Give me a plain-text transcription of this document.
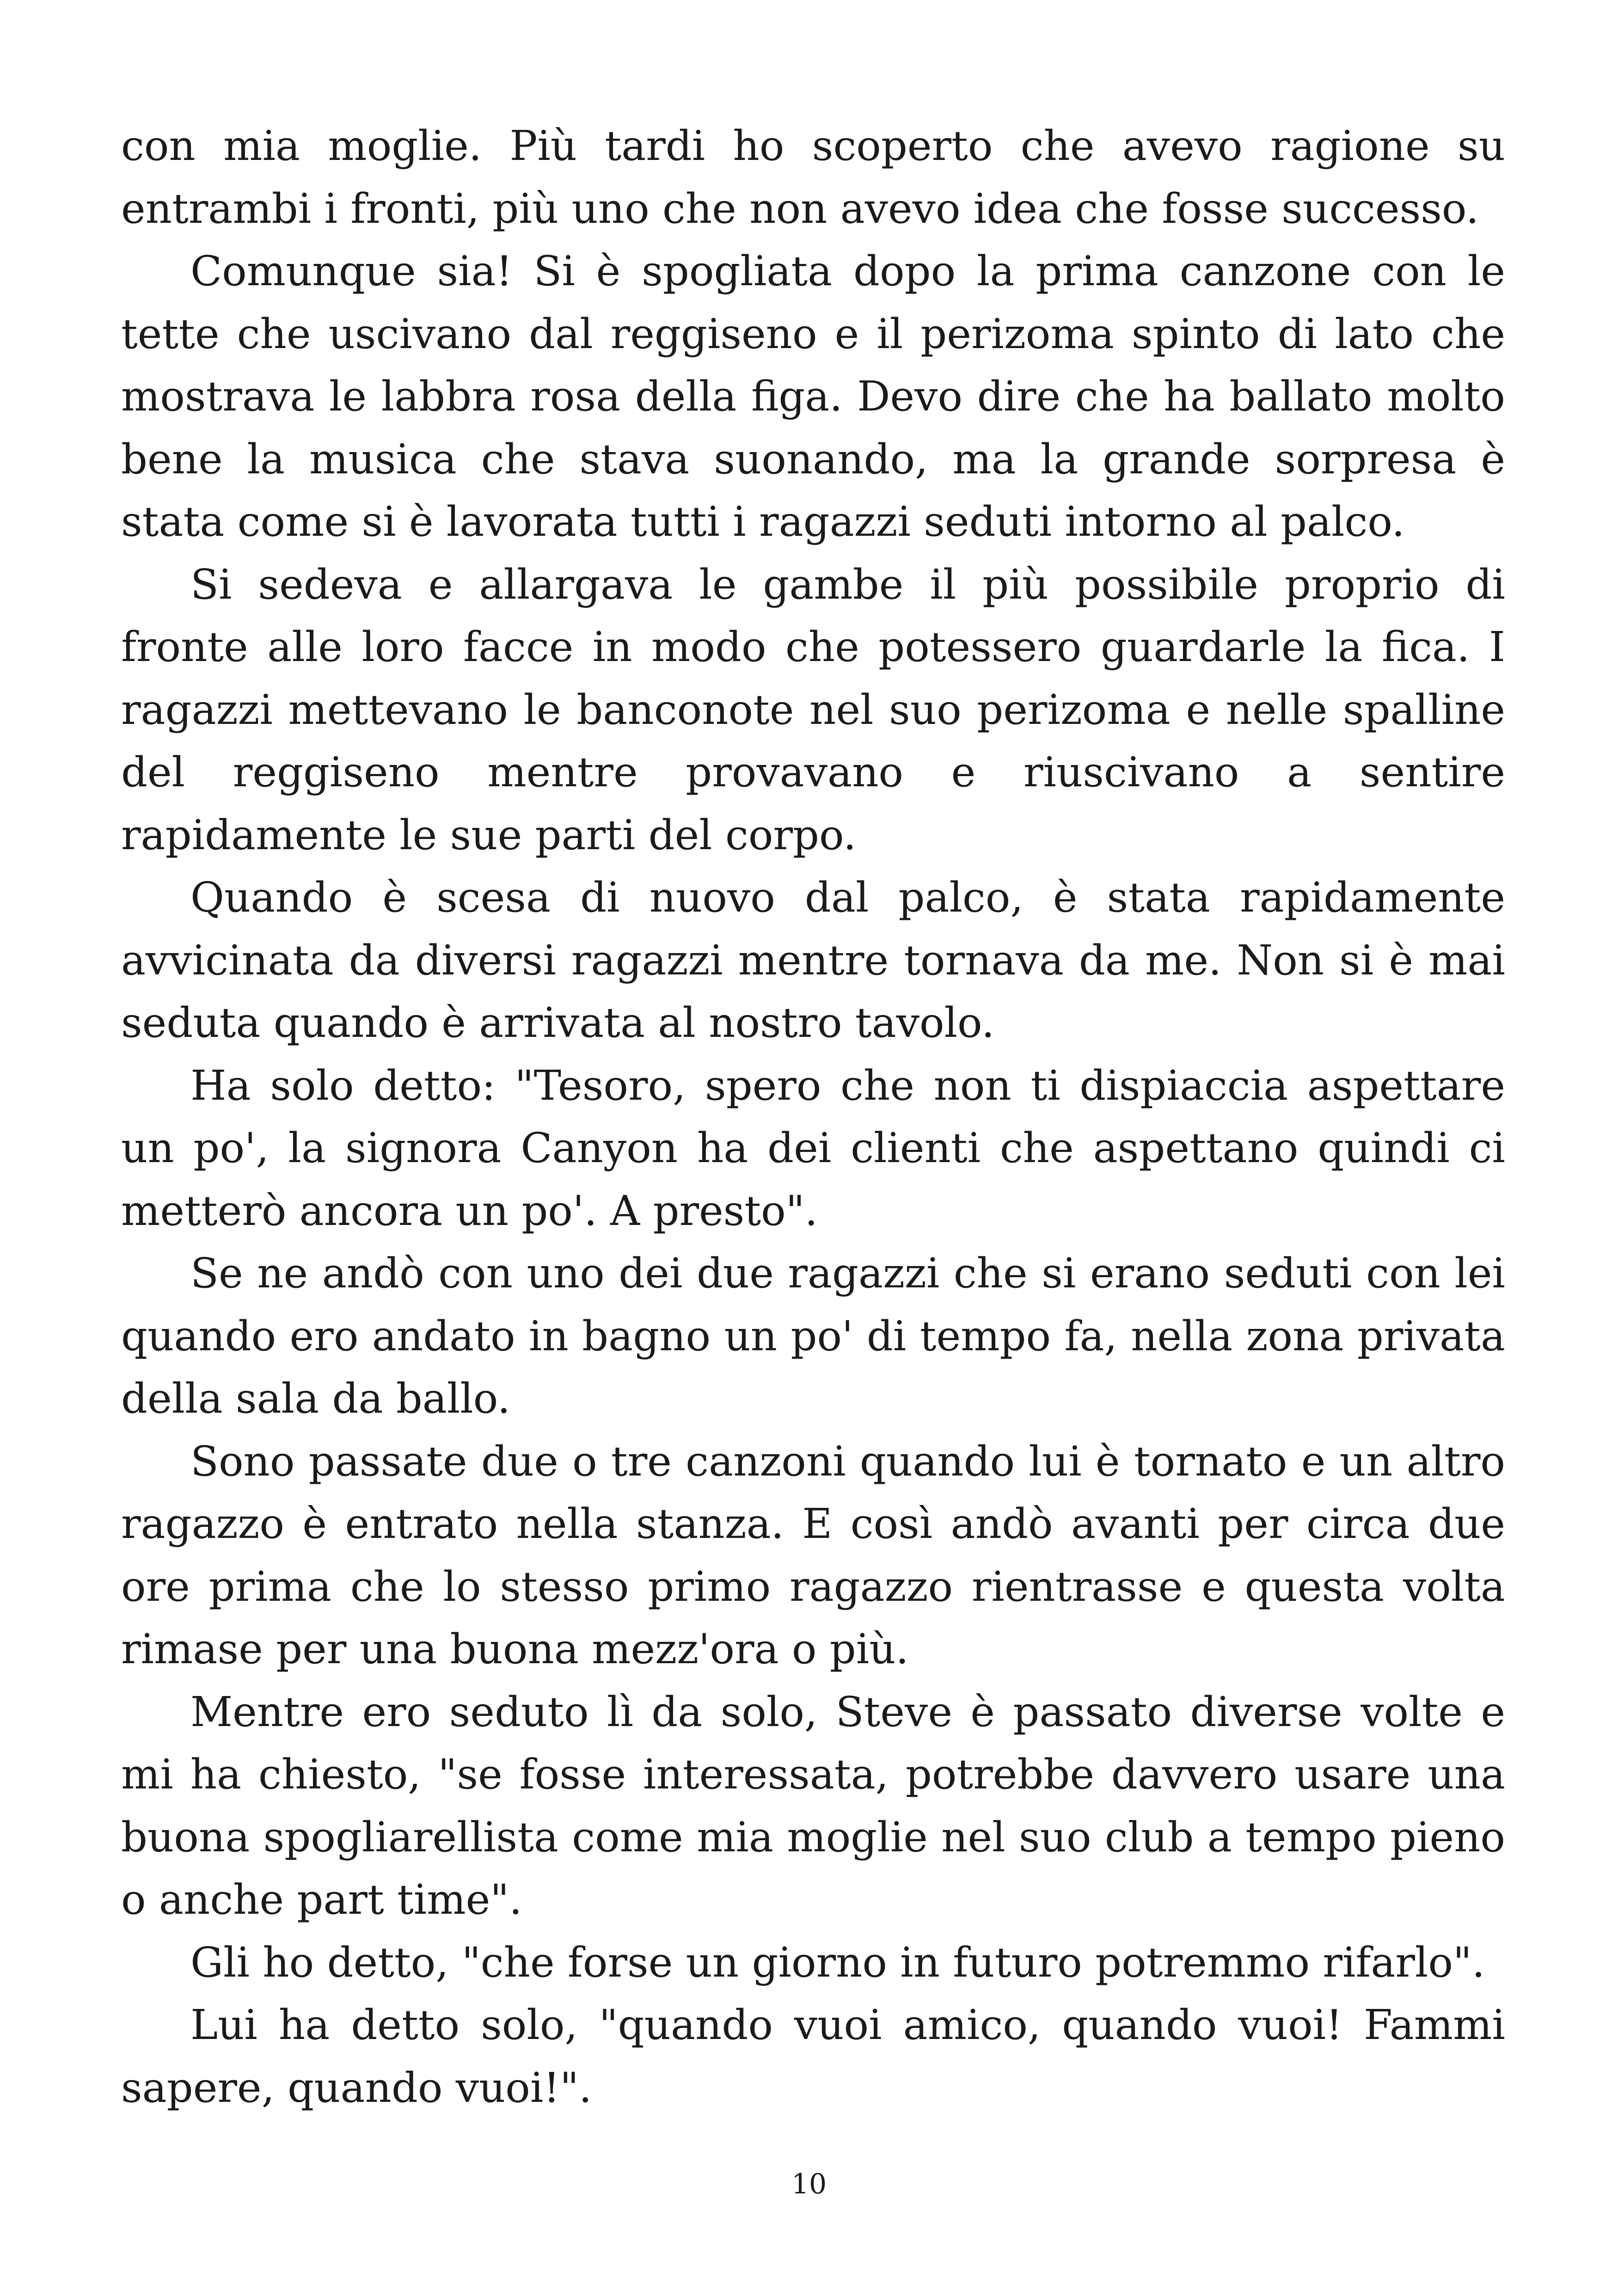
con mia moglie. Più tardi ho scoperto che avevo ragione su entrambi i fronti, più uno che non avevo idea che fosse successo.

Comunque sia! Si è spogliata dopo la prima canzone con le tette che uscivano dal reggiseno e il perizoma spinto di lato che mostrava le labbra rosa della figa. Devo dire che ha ballato molto bene la musica che stava suonando, ma la grande sorpresa è stata come si è lavorata tutti i ragazzi seduti intorno al palco.

Si sedeva e allargava le gambe il più possibile proprio di fronte alle loro facce in modo che potessero guardarle la fica. I ragazzi mettevano le banconote nel suo perizoma e nelle spalline del reggiseno mentre provavano e riuscivano a sentire rapidamente le sue parti del corpo.

Quando è scesa di nuovo dal palco, è stata rapidamente avvicinata da diversi ragazzi mentre tornava da me. Non si è mai seduta quando è arrivata al nostro tavolo.

Ha solo detto: "Tesoro, spero che non ti dispiaccia aspettare un po', la signora Canyon ha dei clienti che aspettano quindi ci metterò ancora un po'. A presto".

Se ne andò con uno dei due ragazzi che si erano seduti con lei quando ero andato in bagno un po' di tempo fa, nella zona privata della sala da ballo.

Sono passate due o tre canzoni quando lui è tornato e un altro ragazzo è entrato nella stanza. E così andò avanti per circa due ore prima che lo stesso primo ragazzo rientrasse e questa volta rimase per una buona mezz'ora o più.

Mentre ero seduto lì da solo, Steve è passato diverse volte e mi ha chiesto, "se fosse interessata, potrebbe davvero usare una buona spogliarellista come mia moglie nel suo club a tempo pieno o anche part time".

Gli ho detto, "che forse un giorno in futuro potremmo rifarlo".

Lui ha detto solo, "quando vuoi amico, quando vuoi! Fammi sapere, quando vuoi!".

10
